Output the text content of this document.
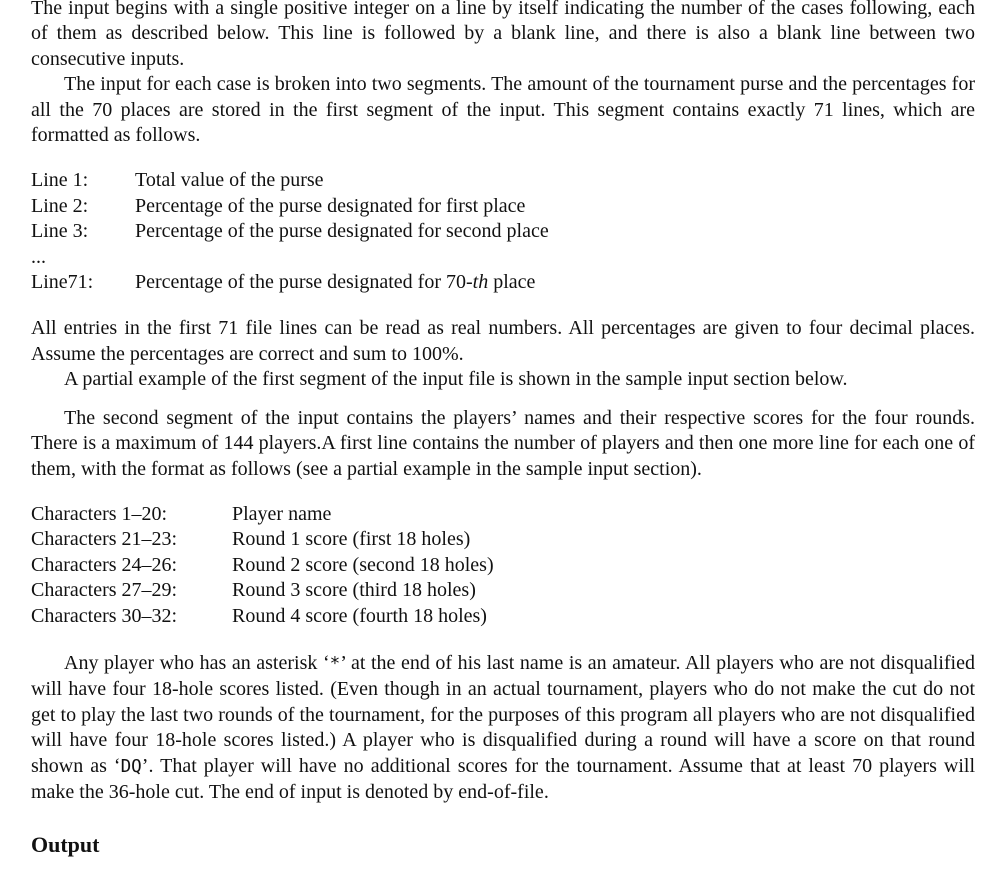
The input begins with a single positive integer on a line by itself indicating the number of the cases following, each of them as described below. This line is followed by a blank line, and there is also a blank line between two consecutive inputs.

The input for each case is broken into two segments. The amount of the tournament purse and the percentages for all the 70 places are stored in the first segment of the input. This segment contains exactly 71 lines, which are formatted as follows.

Line 1:	Total value of the purse
Line 2:	Percentage of the purse designated for first place
Line 3:	Percentage of the purse designated for second place
...
Line71:	Percentage of the purse designated for 70-th place

All entries in the first 71 file lines can be read as real numbers. All percentages are given to four decimal places. Assume the percentages are correct and sum to 100%.

A partial example of the first segment of the input file is shown in the sample input section below.

The second segment of the input contains the players’ names and their respective scores for the four rounds. There is a maximum of 144 players.A first line contains the number of players and then one more line for each one of them, with the format as follows (see a partial example in the sample input section).

Characters 1–20:	Player name
Characters 21–23:	Round 1 score (first 18 holes)
Characters 24–26:	Round 2 score (second 18 holes)
Characters 27–29:	Round 3 score (third 18 holes)
Characters 30–32:	Round 4 score (fourth 18 holes)

Any player who has an asterisk ‘*’ at the end of his last name is an amateur. All players who are not disqualified will have four 18-hole scores listed. (Even though in an actual tournament, players who do not make the cut do not get to play the last two rounds of the tournament, for the purposes of this program all players who are not disqualified will have four 18-hole scores listed.) A player who is disqualified during a round will have a score on that round shown as ‘DQ’. That player will have no additional scores for the tournament. Assume that at least 70 players will make the 36-hole cut. The end of input is denoted by end-of-file.

Output
